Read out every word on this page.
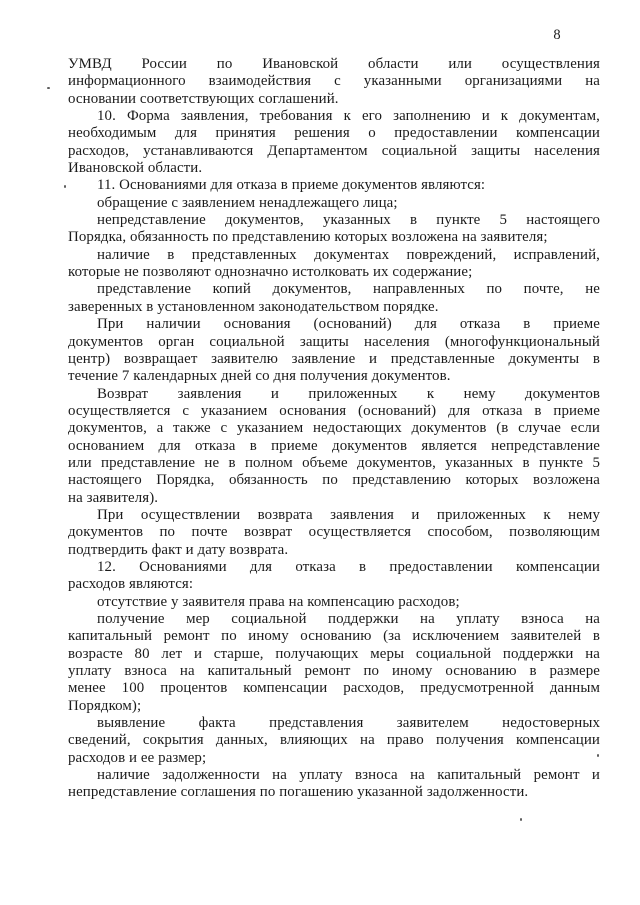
8
УМВД России по Ивановской области или осуществления
информационного взаимодействия с указанными организациями на
основании соответствующих соглашений.
10. Форма заявления, требования к его заполнению и к документам,
необходимым для принятия решения о предоставлении компенсации
расходов, устанавливаются Департаментом социальной защиты населения
Ивановской области.
11. Основаниями для отказа в приеме документов являются:
обращение с заявлением ненадлежащего лица;
непредставление документов, указанных в пункте 5 настоящего
Порядка, обязанность по представлению которых возложена на заявителя;
наличие в представленных документах повреждений, исправлений,
которые не позволяют однозначно истолковать их содержание;
представление копий документов, направленных по почте, не
заверенных в установленном законодательством порядке.
При наличии основания (оснований) для отказа в приеме
документов орган социальной защиты населения (многофункциональный
центр) возвращает заявителю заявление и представленные документы в
течение 7 календарных дней со дня получения документов.
Возврат заявления и приложенных к нему документов
осуществляется с указанием основания (оснований) для отказа в приеме
документов, а также с указанием недостающих документов (в случае если
основанием для отказа в приеме документов является непредставление
или представление не в полном объеме документов, указанных в пункте 5
настоящего Порядка, обязанность по представлению которых возложена
на заявителя).
При осуществлении возврата заявления и приложенных к нему
документов по почте возврат осуществляется способом, позволяющим
подтвердить факт и дату возврата.
12. Основаниями для отказа в предоставлении компенсации
расходов являются:
отсутствие у заявителя права на компенсацию расходов;
получение мер социальной поддержки на уплату взноса на
капитальный ремонт по иному основанию (за исключением заявителей в
возрасте 80 лет и старше, получающих меры социальной поддержки на
уплату взноса на капитальный ремонт по иному основанию в размере
менее 100 процентов компенсации расходов, предусмотренной данным
Порядком);
выявление факта представления заявителем недостоверных
сведений, сокрытия данных, влияющих на право получения компенсации
расходов и ее размер;
наличие задолженности на уплату взноса на капитальный ремонт и
непредставление соглашения по погашению указанной задолженности.
